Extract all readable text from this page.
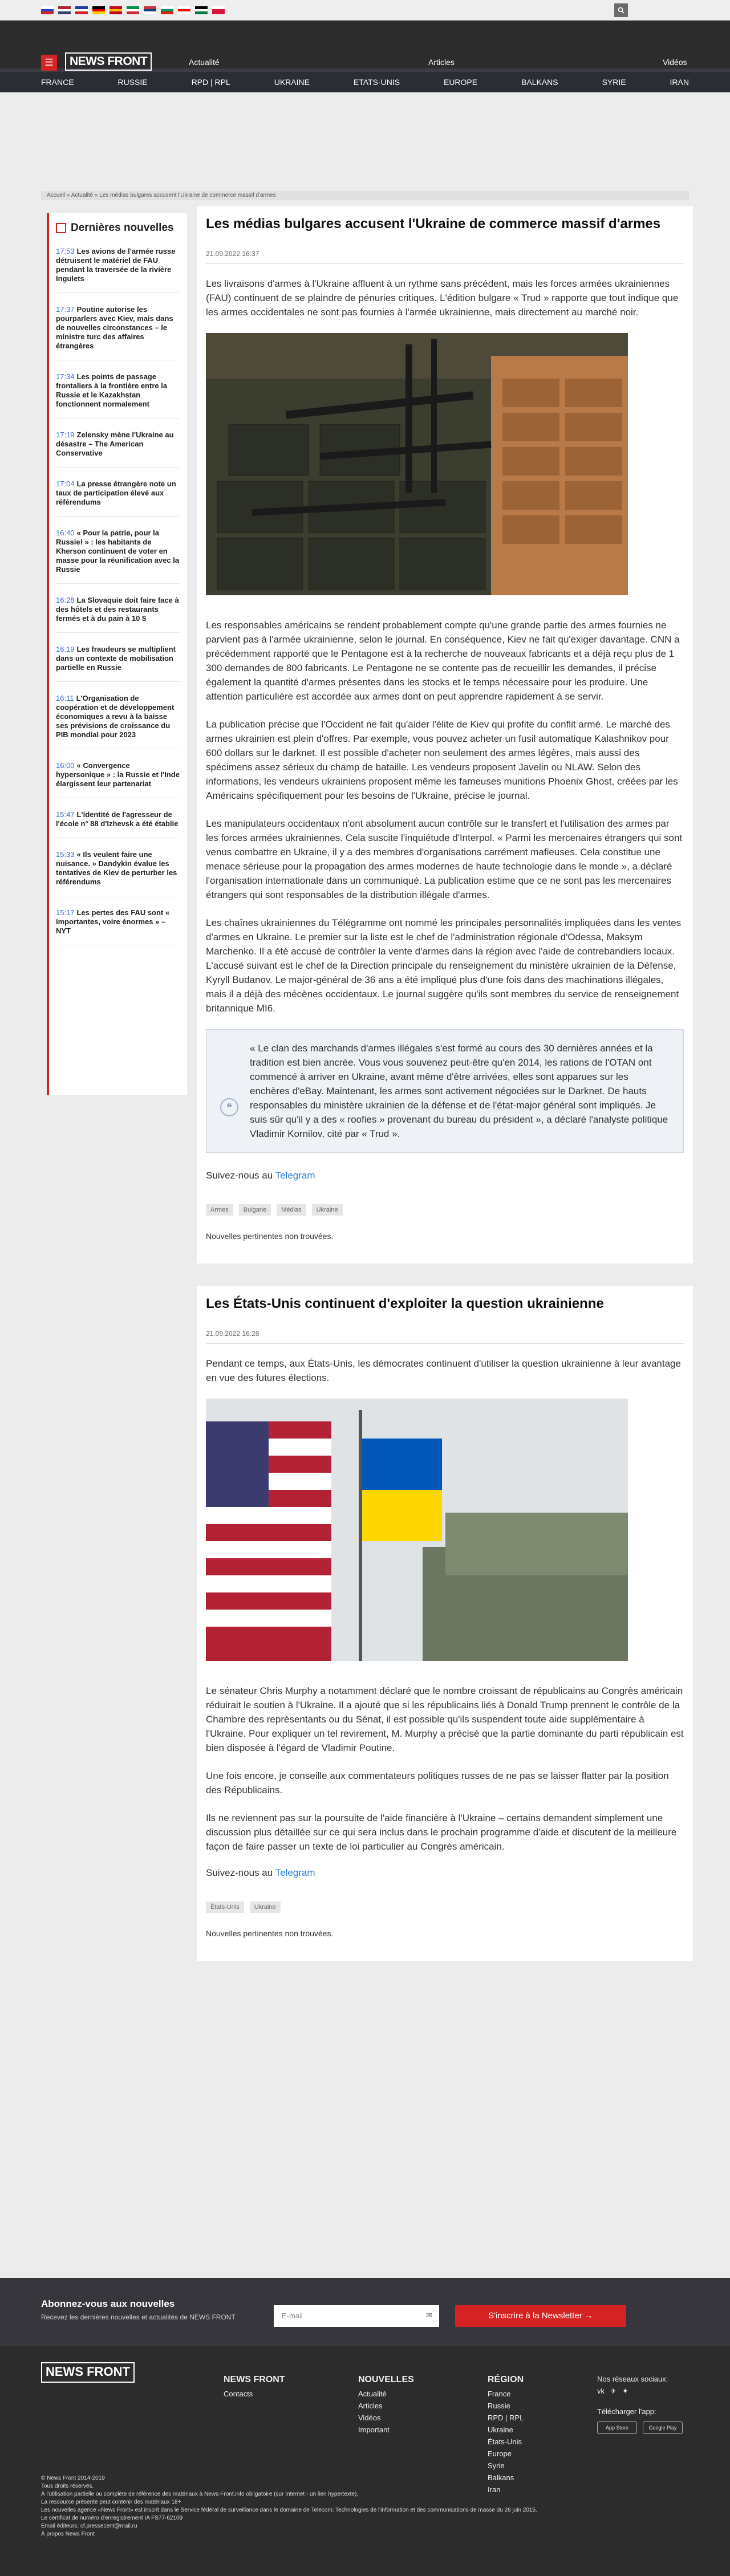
☰	NEWS FRONT	Actualité	Articles	Vidéos
FRANCE	RUSSIE	RPD | RPL	UKRAINE	ETATS-UNIS	EUROPE	BALKANS	SYRIE	IRAN
Accueil » Actualité » Les médias bulgares accusent l'Ukraine de commerce massif d'armes
Dernières nouvelles
17:53 Les avions de l'armée russe détruisent le matériel de FAU pendant la traversée de la rivière Ingulets
17:37 Poutine autorise les pourparlers avec Kiev, mais dans de nouvelles circonstances – le ministre turc des affaires étrangères
17:34 Les points de passage frontaliers à la frontière entre la Russie et le Kazakhstan fonctionnent normalement
17:19 Zelensky mène l'Ukraine au désastre – The American Conservative
17:04 La presse étrangère note un taux de participation élevé aux référendums
16:40 « Pour la patrie, pour la Russie! » : les habitants de Kherson continuent de voter en masse pour la réunification avec la Russie
16:28 La Slovaquie doit faire face à des hôtels et des restaurants fermés et à du pain à 10 $
16:19 Les fraudeurs se multiplient dans un contexte de mobilisation partielle en Russie
16:11 L'Organisation de coopération et de développement économiques a revu à la baisse ses prévisions de croissance du PIB mondial pour 2023
16:00 « Convergence hypersonique » : la Russie et l'Inde élargissent leur partenariat
15:47 L'identité de l'agresseur de l'école n° 88 d'Izhevsk a été établie
15:33 « Ils veulent faire une nuisance. » Dandykin évalue les tentatives de Kiev de perturber les référendums
15:17 Les pertes des FAU sont « importantes, voire énormes » – NYT
Les médias bulgares accusent l'Ukraine de commerce massif d'armes
21.09.2022 16:37

Les livraisons d'armes à l'Ukraine affluent à un rythme sans précédent, mais les forces armées ukrainiennes (FAU) continuent de se plaindre de pénuries critiques. L'édition bulgare « Trud » rapporte que tout indique que les armes occidentales ne sont pas fournies à l'armée ukrainienne, mais directement au marché noir.

Les responsables américains se rendent probablement compte qu'une grande partie des armes fournies ne parvient pas à l'armée ukrainienne, selon le journal. En conséquence, Kiev ne fait qu'exiger davantage. CNN a précédemment rapporté que le Pentagone est à la recherche de nouveaux fabricants et a déjà reçu plus de 1 300 demandes de 800 fabricants. Le Pentagone ne se contente pas de recueillir les demandes, il précise également la quantité d'armes présentes dans les stocks et le temps nécessaire pour les produire. Une attention particulière est accordée aux armes dont on peut apprendre rapidement à se servir.

La publication précise que l'Occident ne fait qu'aider l'élite de Kiev qui profite du conflit armé. Le marché des armes ukrainien est plein d'offres. Par exemple, vous pouvez acheter un fusil automatique Kalashnikov pour 600 dollars sur le darknet. Il est possible d'acheter non seulement des armes légères, mais aussi des spécimens assez sérieux du champ de bataille. Les vendeurs proposent Javelin ou NLAW. Selon des informations, les vendeurs ukrainiens proposent même les fameuses munitions Phoenix Ghost, créées par les Américains spécifiquement pour les besoins de l'Ukraine, précise le journal.

Les manipulateurs occidentaux n'ont absolument aucun contrôle sur le transfert et l'utilisation des armes par les forces armées ukrainiennes. Cela suscite l'inquiétude d'Interpol. « Parmi les mercenaires étrangers qui sont venus combattre en Ukraine, il y a des membres d'organisations carrément mafieuses. Cela constitue une menace sérieuse pour la propagation des armes modernes de haute technologie dans le monde », a déclaré l'organisation internationale dans un communiqué. La publication estime que ce ne sont pas les mercenaires étrangers qui sont responsables de la distribution illégale d'armes.

Les chaînes ukrainiennes du Télégramme ont nommé les principales personnalités impliquées dans les ventes d'armes en Ukraine. Le premier sur la liste est le chef de l'administration régionale d'Odessa, Maksym Marchenko. Il a été accusé de contrôler la vente d'armes dans la région avec l'aide de contrebandiers locaux. L'accusé suivant est le chef de la Direction principale du renseignement du ministère ukrainien de la Défense, Kyryll Budanov. Le major-général de 36 ans a été impliqué plus d'une fois dans des machinations illégales, mais il a déjà des mécènes occidentaux. Le journal suggère qu'ils sont membres du service de renseignement britannique MI6.

❝

« Le clan des marchands d'armes illégales s'est formé au cours des 30 dernières années et la tradition est bien ancrée. Vous vous souvenez peut-être qu'en 2014, les rations de l'OTAN ont commencé à arriver en Ukraine, avant même d'être arrivées, elles sont apparues sur les enchères d'eBay. Maintenant, les armes sont activement négociées sur le Darknet. De hauts responsables du ministère ukrainien de la défense et de l'état-major général sont impliqués. Je suis sûr qu'il y a des « roofies » provenant du bureau du président », a déclaré l'analyste politique Vladimir Kornilov, cité par « Trud ».

Suivez-nous au Telegram
Armes	Bulgarie	Médias	Ukraine
Nouvelles pertinentes non trouvées.
Les États-Unis continuent d'exploiter la question ukrainienne
21.09.2022 16:28

Pendant ce temps, aux États-Unis, les démocrates continuent d'utiliser la question ukrainienne à leur avantage en vue des futures élections.

Le sénateur Chris Murphy a notamment déclaré que le nombre croissant de républicains au Congrès américain réduirait le soutien à l'Ukraine. Il a ajouté que si les républicains liés à Donald Trump prennent le contrôle de la Chambre des représentants ou du Sénat, il est possible qu'ils suspendent toute aide supplémentaire à l'Ukraine. Pour expliquer un tel revirement, M. Murphy a précisé que la partie dominante du parti républicain est bien disposée à l'égard de Vladimir Poutine.

Une fois encore, je conseille aux commentateurs politiques russes de ne pas se laisser flatter par la position des Républicains.

Ils ne reviennent pas sur la poursuite de l'aide financière à l'Ukraine – certains demandent simplement une discussion plus détaillée sur ce qui sera inclus dans le prochain programme d'aide et discutent de la meilleure façon de faire passer un texte de loi particulier au Congrès américain.

Suivez-nous au Telegram
États-Unis	Ukraine
Nouvelles pertinentes non trouvées.
Abonnez-vous aux nouvelles
Recevez les dernières nouvelles et actualités de NEWS FRONT	E-mail	✉	S'inscrire à la Newsletter →
NEWS FRONT
NEWS FRONT
Contacts
NOUVELLES
Actualité
Articles
Vidéos
Important
RÉGION
France
Russie
RPD | RPL
Ukraine
États-Unis
Europe
Syrie
Balkans
Iran
Nos réseaux sociaux:
vk ✈ ✦
Télécharger l'app:
App Store	Google Play
© News Front 2014-2019
Tous droits réservés.
À l'utilisation partielle ou complète de référence des matériaux à News-Front.info obligatoire (sur Internet - un lien hypertexte).
La ressource présente peut contenir des matériaux 18+
Les nouvelles agence «News Front» est inscrit dans le Service fédéral de surveillance dans le domaine de Telecom; Technologies de l'information et des communications de masse du 26 juin 2015.
Le certificat de numéro d'enregistrement IA FS77-62109
Email éditeurs: cf.pressecent@mail.ru
À propos News Front
